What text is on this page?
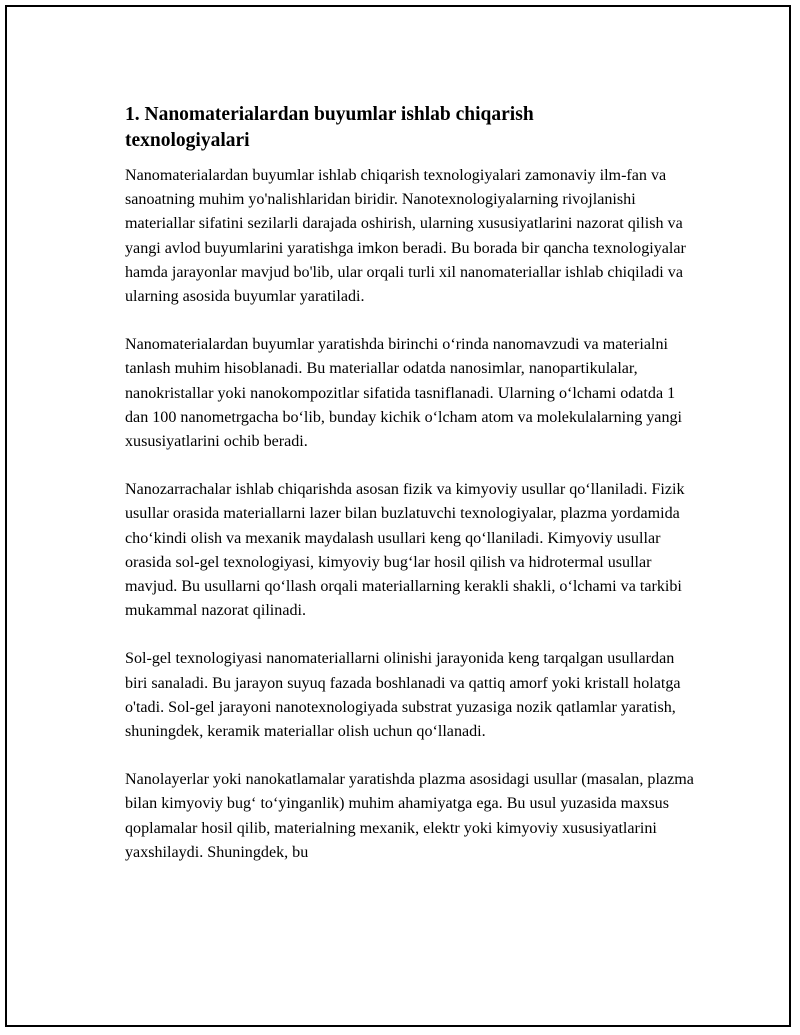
1. Nanomaterialardan buyumlar ishlab chiqarish texnologiyalari

Nanomaterialardan buyumlar ishlab chiqarish texnologiyalari zamonaviy ilm-fan va sanoatning muhim yo'nalishlaridan biridir. Nanotexnologiyalarning rivojlanishi materiallar sifatini sezilarli darajada oshirish, ularning xususiyatlarini nazorat qilish va yangi avlod buyumlarini yaratishga imkon beradi. Bu borada bir qancha texnologiyalar hamda jarayonlar mavjud bo'lib, ular orqali turli xil nanomateriallar ishlab chiqiladi va ularning asosida buyumlar yaratiladi.

Nanomaterialardan buyumlar yaratishda birinchi oʻrinda nanomavzudi va materialni tanlash muhim hisoblanadi. Bu materiallar odatda nanosimlar, nanopartikulalar, nanokristallar yoki nanokompozitlar sifatida tasniflanadi. Ularning oʻlchami odatda 1 dan 100 nanometrgacha boʻlib, bunday kichik oʻlcham atom va molekulalarning yangi xususiyatlarini ochib beradi.

Nanozarrachalar ishlab chiqarishda asosan fizik va kimyoviy usullar qoʻllaniladi. Fizik usullar orasida materiallarni lazer bilan buzlatuvchi texnologiyalar, plazma yordamida choʻkindi olish va mexanik maydalash usullari keng qoʻllaniladi. Kimyoviy usullar orasida sol-gel texnologiyasi, kimyoviy bugʻlar hosil qilish va hidrotermal usullar mavjud. Bu usullarni qoʻllash orqali materiallarning kerakli shakli, oʻlchami va tarkibi mukammal nazorat qilinadi.

Sol-gel texnologiyasi nanomateriallarni olinishi jarayonida keng tarqalgan usullardan biri sanaladi. Bu jarayon suyuq fazada boshlanadi va qattiq amorf yoki kristall holatga o'tadi. Sol-gel jarayoni nanotexnologiyada substrat yuzasiga nozik qatlamlar yaratish, shuningdek, keramik materiallar olish uchun qoʻllanadi.

Nanolayerlar yoki nanokatlamalar yaratishda plazma asosidagi usullar (masalan, plazma bilan kimyoviy bugʻ toʻyinganlik) muhim ahamiyatga ega. Bu usul yuzasida maxsus qoplamalar hosil qilib, materialning mexanik, elektr yoki kimyoviy xususiyatlarini yaxshilaydi. Shuningdek, bu
